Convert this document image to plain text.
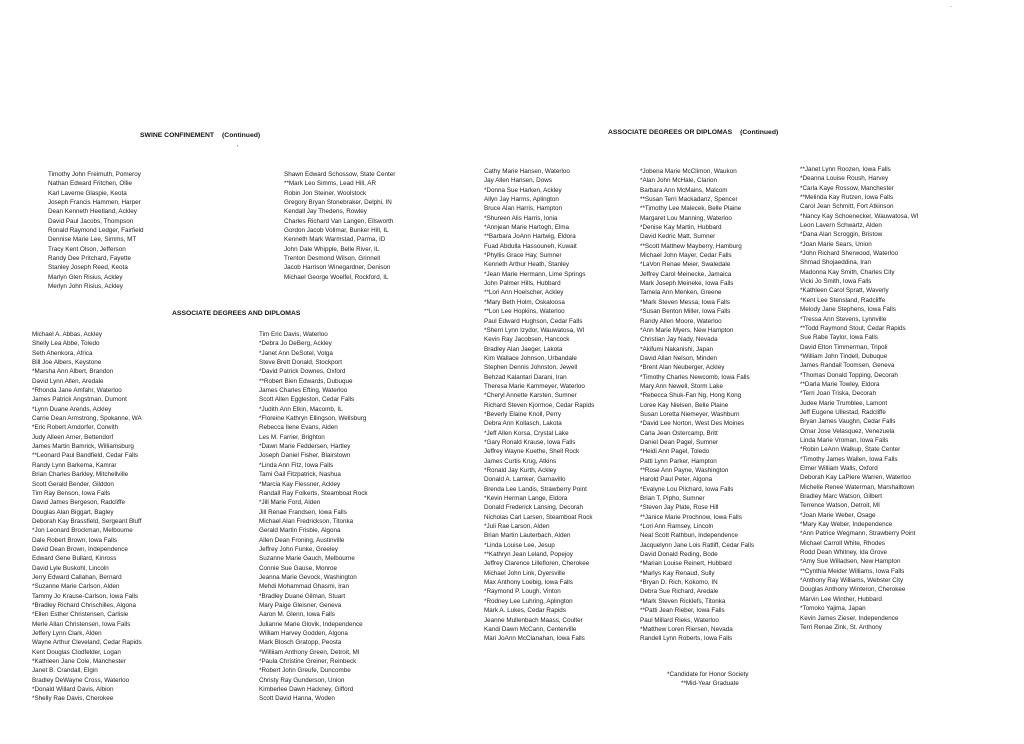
SWINE CONFINEMENT (Continued)
Timothy John Freimuth, Pomeroy
Nathan Edward Fritchen, Ollie
Karl Laverne Glaspie, Keota
Joseph Francis Hammen, Harper
Dean Kenneth Heetland, Ackley
David Paul Jacobs, Thompson
Ronald Raymond Ledger, Fairfield
Dennise Marie Lee, Simms, MT
Tracy Kent Olson, Jefferson
Randy Dee Pritchard, Fayette
Stanley Joseph Reed, Keota
Marlyn Glen Risius, Ackley
Merlyn John Risius, Ackley
Shawn Edward Schossow, State Center
**Mark Leo Simms, Lead Hill, AR
Robin Jon Steiner, Woolstock
Gregory Bryan Stonebraker, Delphi, IN
Kendall Jay Thedens, Rowley
Charles Richard Van Langen, Ellsworth
Gordon Jacob Vollmar, Bunker Hill, IL
Kenneth Mark Warmstad, Parma, ID
John Dale Whipple, Belle River, IL
Trenton Desmond Wilson, Grinnell
Jacob Harrison Winegardner, Denison
Michael George Woelfel, Rockford, IL
ASSOCIATE DEGREES AND DIPLOMAS
Michael A. Abbas, Ackley
Shelly Lea Abbe, Toledo
Seth Ahenkora, Africa
Bill Joe Albers, Keystone
*Marsha Ann Albert, Brandon
David Lynn Allen, Aredale
*Rhonda Jane Amfahr, Waterloo
James Patrick Angstman, Dumont
*Lynn Duane Arends, Ackley
Carrie Dean Armstrong, Spokanne, WA
*Eric Robert Arndorfer, Corwith
Judy Alleen Arner, Bettendorf
James Martin Bamrick, Williamsburg
**Leonard Paul Bandfield, Cedar Falls
Randy Lynn Barkema, Kamrar
Brian Charles Barkley, Mitchellville
Scott Gerald Bender, Gilddon
Tim Ray Benson, Iowa Falls
David James Bergeson, Radcliffe
Douglas Alan Biggart, Bagley
Deborah Kay Brassfield, Sergeant Bluff
*Jon Leonard Brockman, Melbourne
Dale Robert Brown, Iowa Falls
David Dean Brown, Independence
Edward Gene Bullard, Kinross
David Lyle Buskohl, Lincoln
Jerry Edward Callahan, Bernard
*Suzanne Marie Carlson, Alden
Tammy Jo Krause-Carlson, Iowa Falls
*Bradley Richard Chrischilles, Algona
*Ellen Esther Christensen, Carlisle
Merle Allan Christensen, Iowa Falls
Jeffery Lynn Clark, Alden
Wayne Arthur Cleveland, Cedar Rapids
Kent Douglas Clodfelder, Logan
*Kathleen Jane Cole, Manchester
Janet B. Crandall, Elgin
Bradley DeWayne Cross, Waterloo
*Donald Willard Davis, Albion
*Shelly Rae Davis, Cherokee
Tim Eric Davis, Waterloo
*Debra Jo DeBerg, Ackley
*Janet Ann DeSotel, Volga
Steve Brett Donald, Stockport
*David Patrick Downes, Oxford
**Robert Bien Edwards, Dubuque
James Charles Efting, Waterloo
Scott Allen Eggleston, Cedar Falls
*Judith Ann Elkin, Macomb, IL
*Floreine Kathryn Ellingson, Wellsburg
Rebecca Ilene Evans, Alden
Les M. Farrier, Brighton
*Dawn Marie Feddersen, Hartley
Joseph Daniel Fisher, Blairstown
*Linda Ann Fitz, Iowa Falls
Tami Gail Fitzpatrick, Nashua
*Marcia Kay Flessner, Ackley
Randall Ray Folkerts, Steamboat Rock
*Jill Marie Ford, Alden
Jill Renae Frandsen, Iowa Falls
Michael Alan Fredrickson, Titonka
Gerald Martin Frisbie, Algona
Allen Dean Froning, Austinville
Jeffrey John Funke, Greeley
Suzanne Marie Gauch, Melbourne
Connie Sue Gause, Monroe
Jeanna Marie Gevock, Washington
Mehdi Mohammad Ghasmi, Iran
*Bradley Duane Gilman, Stuart
Mary Paige Gleisner, Geneva
Aaron M. Glenn, Iowa Falls
Julianne Marie Glovik, Independence
William Harvey Godden, Algona
Mark Blosch Gratopp, Peosta
*Williiam Anthony Green, Detroit, MI
*Paula Christine Greiner, Reinbeck
*Robert John Greufe, Duncombe
Christy Ray Gunderson, Union
Kimberlee Dawn Hackney, Gifford
Scott David Hanna, Woden
ASSOCIATE DEGREES OR DIPLOMAS (Continued)
Cathy Marie Hansen, Waterloo
Jay Allen Hansen, Dows
*Donna Sue Harken, Ackley
Allyn Jay Harms, Aplington
Bruce Alan Harris, Hampton
*Shureen Alis Harris, Ionia
*Annjean Marie Hartogh, Elma
**Barbara JoAnn Hartwig, Eldora
Fuad Abdulla Hassouneh, Kuwait
*Phyllis Grace Hay, Sumner
Kenneth Arthur Heath, Stanley
*Jean Marie Hermann, Lime Springs
John Palmer Hills, Hubbard
**Lori Ann Hoelscher, Ackley
*Mary Beth Holm, Oskaloosa
**Lon Lee Hopkins, Waterloo
Paul Edward Hughson, Cedar Falls
*Sherri Lynn Izydor, Wauwatosa, WI
Kevin Ray Jacobsen, Hancock
Bradley Alan Jaeger, Lakota
Kim Wallace Johnson, Urbandale
Stephen Dennis Johnston, Jewell
Behzad Kalantari Darani, Iran
Theresa Marie Kammeyer, Waterloo
*Cheryl Annette Karsten, Sumner
Richard Steven Kjormoe, Cedar Rapids
*Beverly Elaine Knoll, Perry
Debra Ann Kollasch, Lakota
*Jeff Allen Korsa, Crystal Lake
*Gary Ronald Krause, Iowa Falls
Jeffrey Wayne Kuethe, Shell Rock
James Curtis Krug, Atkins
*Ronald Jay Kurth, Ackley
Donald A. Lamker, Garnavillo
Brenda Lee Landis, Strawberry Point
*Kevin Herman Lange, Eldora
Donald Frederick Lansing, Decorah
Nicholas Carl Larsen, Steamboat Rock
*Juli Rae Larson, Alden
Brian Martin Lauterbach, Alden
*Linda Louise Lee, Jesup
**Kathryn Jean Leland, Popejoy
Jeffrey Clarence Lillefloren, Cherokee
Michael John Link, Dyersville
Max Anthony Loebig, Iowa Falls
*Raymond P. Lough, Vinton
*Rodney Lee Luhring, Aplington
Mark A. Lukes, Cedar Rapids
Jeanne Mullenbach Maass, Coulter
Kandi Dawn McCann, Centerville
Mari JoAnn McClanahan, Iowa Falls
*Jobena Marie McClimon, Waukon
*Alan John McHale, Clarion
Barbara Ann McMains, Malcom
**Susan Terri Mackadanz, Spencer
**Timothy Lee Malecek, Belle Plaine
Margaret Lou Manning, Waterloo
*Denise Kay Martin, Hubbard
David Kedric Matt, Sumner
**Scott Matthew Mayberry, Hamburg
Michael John Mayer, Cedar Falls
*LaVon Renae Meier, Swaledale
Jeffrey Carol Meinecke, Jamaica
Mark Joseph Meineke, Iowa Falls
Tamela Ann Menken, Greene
*Mark Steven Messa, Iowa Falls
*Susan Benton Miller, Iowa Falls
Randy Allen Moore, Waterloo
*Ann Marie Myers, New Hampton
Christian Jay Nady, Nevada
*Akifumi Nakanishi, Japan
David Allan Nelson, Minden
*Brent Alan Neuberger, Ackley
*Timothy Charles Newcomb, Iowa Falls
Mary Ann Newell, Storm Lake
*Rebecca Shuk-Fan Ng, Hong Kong
Loree Kay Nielsen, Belle Plaine
Susan Loretta Niemeyer, Washburn
*David Lee Norton, West Des Moines
Carla Jean Ostercamp, Britt
Daniel Dean Pagel, Sumner
*Heidi Ann Pagel, Toledo
Patti Lynn Parker, Hampton
**Rose Ann Payne, Washington
Harold Paul Peter, Algona
*Evalyne Lou Pilchard, Iowa Falls
Brian T. Pipho, Sumner
*Steven Jay Plate, Rose Hill
**Janice Marie Prochnow, Iowa Falls
*Lori Ann Ramsey, Lincoln
Neal Scott Rathbun, Independence
Jacquelynn Jane Lois Ratliff, Cedar Falls
David Donald Reding, Bode
*Marian Louise Reinert, Hubbard
*Marlys Kay Renaud, Sully
*Bryan D. Rich, Kokomo, IN
Debra Sue Richard, Aredale
*Mark Steven Ricklefs, Titonka
**Patti Jean Rieber, Iowa Falls
Paul Millard Rieks, Waterloo
*Matthew Loren Riersen, Nevada
Randell Lynn Roberts, Iowa Falls
**Janet Lynn Roozen, Iowa Falls
*Deanna Louise Roush, Harvey
*Carla Kaye Rossow, Manchester
**Melinda Kay Rutzen, Iowa Falls
Carol Jean Schmitt, Fort Atkinson
*Nancy Kay Schoenecker, Wauwatosa, WI
Leon Lavern Schwartz, Alden
*Dana Alan Scroggin, Bristow
*Joan Marie Sears, Union
*John Richard Sherwood, Waterloo
Shmad Shojaeddina, Iran
Madonna Kay Smith, Charles City
Vicki Jo Smith, Iowa Falls
*Kathleen Carol Spratt, Waverly
*Kent Lee Stensland, Radcliffe
Melody Jane Stephens, Iowa Falls
*Tressa Ann Stevens, Lynnville
**Todd Raymond Stout, Cedar Rapids
Sue Rabe Taylor, Iowa Falls
David Elton Timmerman, Tripoli
*William John Tindell, Dubuque
James Randall Toomsen, Geneva
*Thomas Donald Topping, Decorah
**Darla Marie Towley, Eldora
*Terri Joan Triska, Decorah
Judee Marie Trumblee, Lamont
Jeff Eugene Ullestad, Radcliffe
Bryan James Vaughn, Cedar Falls
Omar Jose Velasquez, Venezuela
Linda Marie Vroman, Iowa Falls
*Robin LeAnn Walkup, State Center
*Timothy James Wallen, Iowa Falls
Elmer William Walls, Oxford
Deborah Kay LaPiere Warren, Waterloo
Michelle Renee Waterman, Marshalltown
Bradley Marc Watson, Gilbert
Terrence Watson, Detroit, MI
*Joan Marie Weber, Osage
*Mary Kay Weber, Independence
*Ann Patrice Wegmann, Strawberry Point
Michael Carroll White, Rhodes
Rodd Dean Whitney, Ida Grove
*Amy Sue Willadsen, New Hampton
**Cynthia Meider Williams, Iowa Falls
*Anthony Ray Williams, Webster City
Douglas Anthony Winteron, Cherokee
Marvin Lee Winther, Hubbard
*Tomoko Yajima, Japan
Kevin James Zieser, Independence
Terri Renae Zink, St. Anthony
*Candidate for Honor Society
**Mid-Year Graduate
.
'
